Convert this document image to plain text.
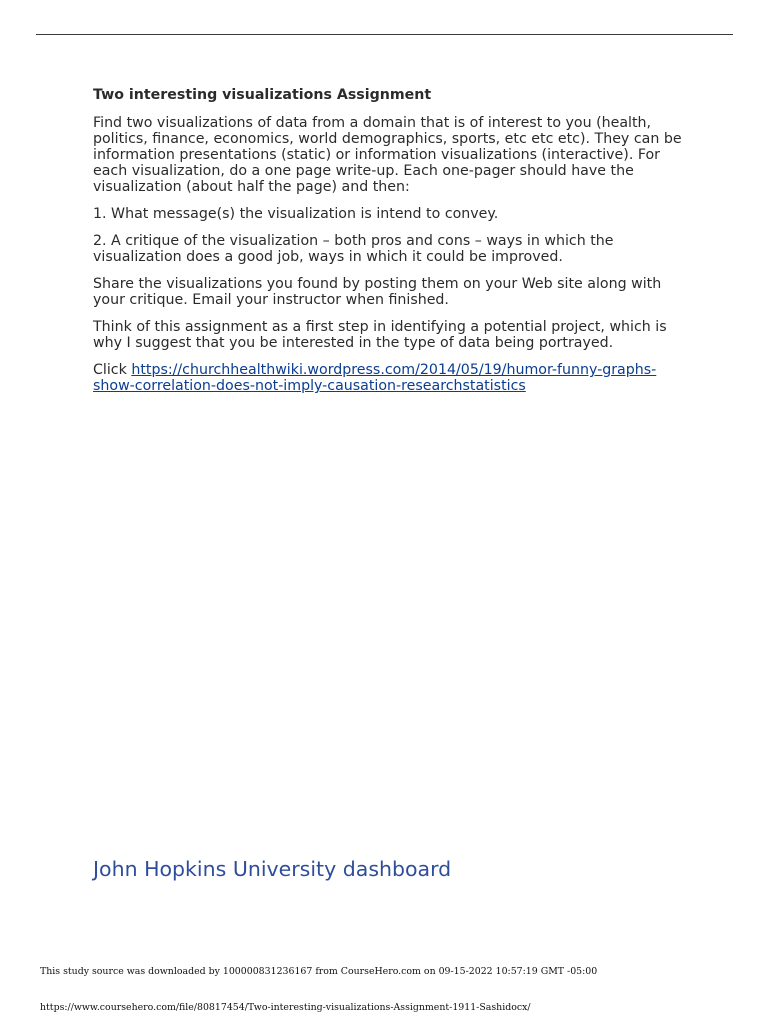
Two interesting visualizations Assignment

Find two visualizations of data from a domain that is of interest to you (health, politics, finance, economics, world demographics, sports, etc etc etc). They can be information presentations (static) or information visualizations (interactive). For each visualization, do a one page write-up. Each one-pager should have the visualization (about half the page) and then:

1. What message(s) the visualization is intend to convey.

2. A critique of the visualization – both pros and cons – ways in which the visualization does a good job, ways in which it could be improved.

Share the visualizations you found by posting them on your Web site along with your critique. Email your instructor when finished.

Think of this assignment as a first step in identifying a potential project, which is why I suggest that you be interested in the type of data being portrayed.

Click https://churchhealthwiki.wordpress.com/2014/05/19/humor-funny-graphs-show-correlation-does-not-imply-causation-researchstatistics

John Hopkins University dashboard

This study source was downloaded by 100000831236167 from CourseHero.com on 09-15-2022 10:57:19 GMT -05:00

https://www.coursehero.com/file/80817454/Two-interesting-visualizations-Assignment-1911-Sashidocx/
